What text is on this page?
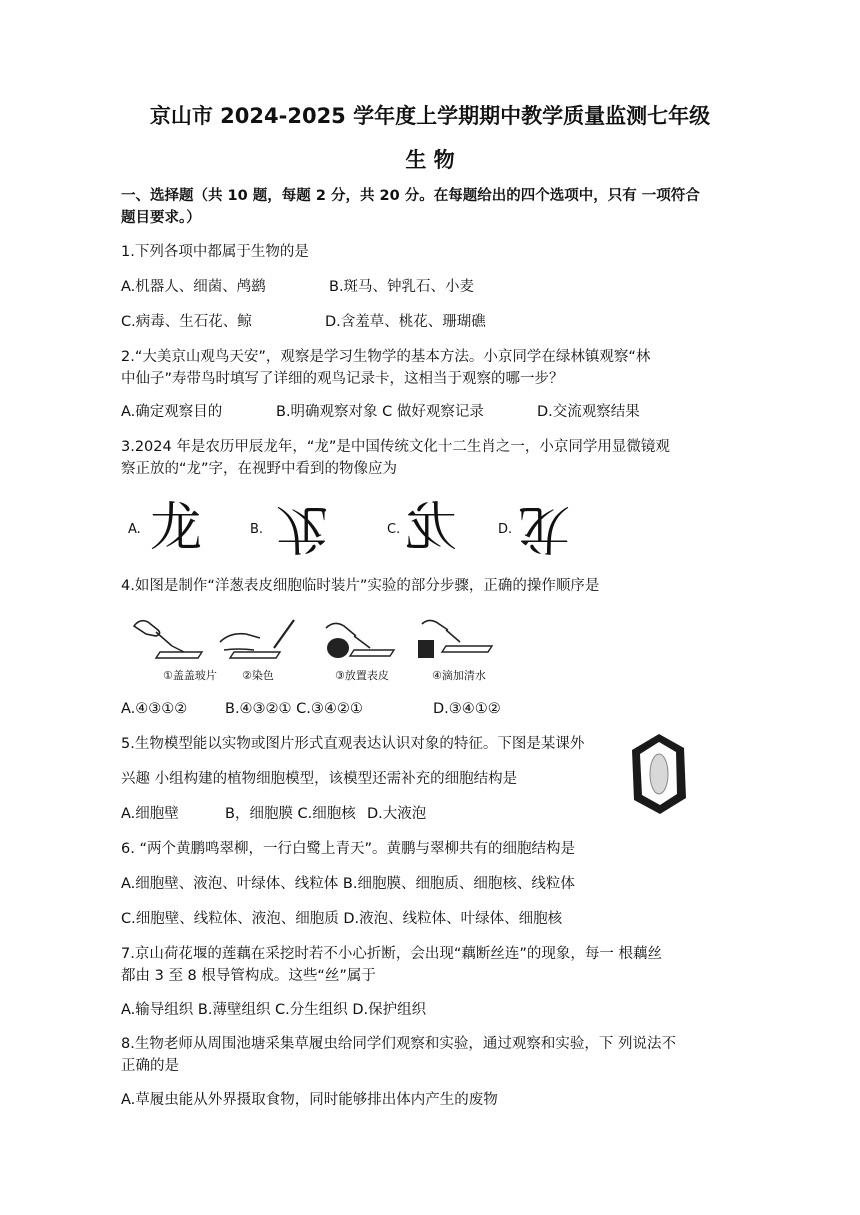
京山市 2024-2025 学年度上学期期中教学质量监测七年级
生 物
一、选择题（共 10 题，每题 2 分，共 20 分。在每题给出的四个选项中，只有 一项符合
题目要求。）
1.下列各项中都属于生物的是
A.机器人、细菌、鸬鹚	B.斑马、钟乳石、小麦
C.病毒、生石花、鲸	D.含羞草、桃花、珊瑚礁
2.“大美京山观鸟天安”，观察是学习生物学的基本方法。小京同学在绿林镇观察“林
中仙子”寿带鸟时填写了详细的观鸟记录卡，这相当于观察的哪一步？
A.确定观察目的	B.明确观察对象 C 做好观察记录	D.交流观察结果
3.2024 年是农历甲辰龙年，“龙”是中国传统文化十二生肖之一，小京同学用显微镜观
察正放的“龙”字，在视野中看到的物像应为
A. 龙	B. 龙	C. 龙	D. 龙
4.如图是制作“洋葱表皮细胞临时装片”实验的部分步骤，正确的操作顺序是
①盖盖玻片 ②染色	③放置表皮	④滴加清水
A.④③①②	B.④③②① C.③④②①	D.③④①②
5.生物模型能以实物或图片形式直观表达认识对象的特征。下图是某课外
兴趣 小组构建的植物细胞模型，该模型还需补充的细胞结构是
A.细胞壁	B，细胞膜 C.细胞核 D.大液泡
6. “两个黄鹏鸣翠柳，一行白鹭上青天”。黄鹏与翠柳共有的细胞结构是
A.细胞壁、液泡、叶绿体、线粒体 B.细胞膜、细胞质、细胞核、线粒体
C.细胞壁、线粒体、液泡、细胞质 D.液泡、线粒体、叶绿体、细胞核
7.京山荷花堰的莲藕在采挖时若不小心折断，会出现“藕断丝连”的现象，每一 根藕丝
都由 3 至 8 根导管构成。这些“丝”属于
A.输导组织 B.薄壁组织 C.分生组织 D.保护组织
8.生物老师从周围池塘采集草履虫给同学们观察和实验，通过观察和实验，下 列说法不
正确的是
A.草履虫能从外界摄取食物，同时能够排出体内产生的废物
